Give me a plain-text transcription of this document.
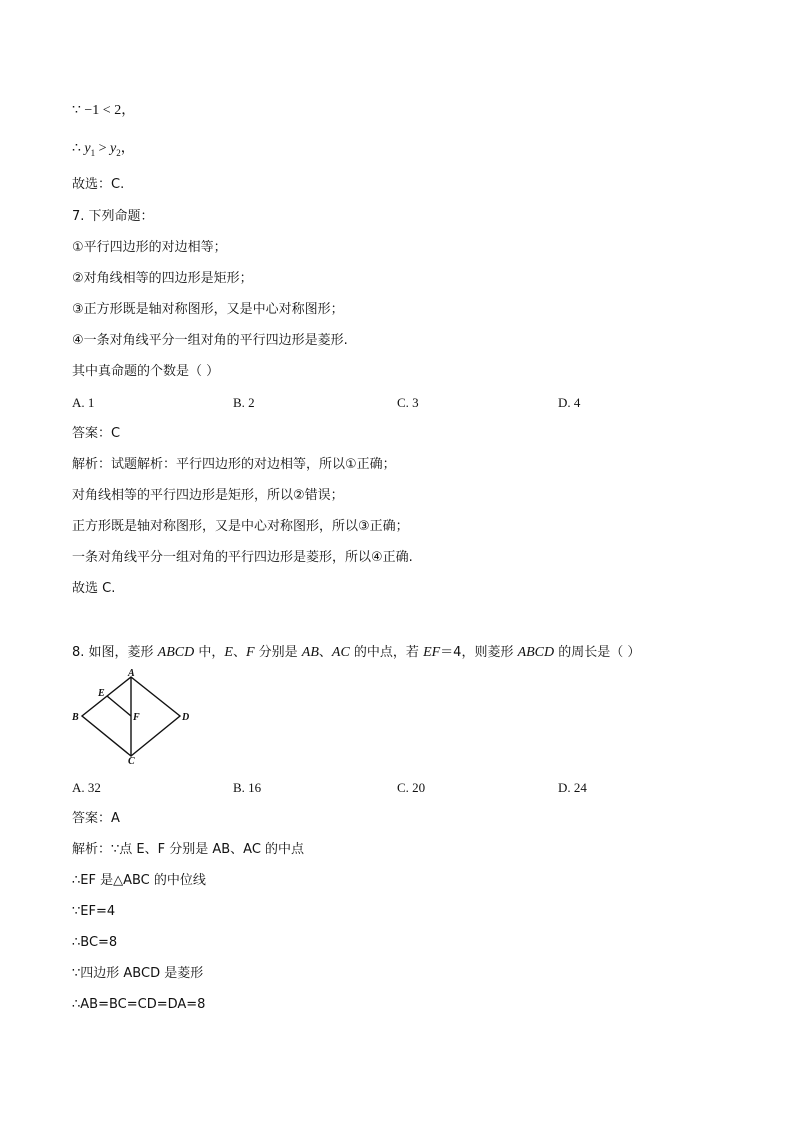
∵ −1 < 2，
∴ $y_1 > y_2$，
故选：C.
7. 下列命题：
①平行四边形的对边相等；
②对角线相等的四边形是矩形；
③正方形既是轴对称图形，又是中心对称图形；
④一条对角线平分一组对角的平行四边形是菱形.
其中真命题的个数是（ ）
A. 1	B. 2	C. 3	D. 4
答案：C
解析：试题解析：平行四边形的对边相等，所以①正确；
对角线相等的平行四边形是矩形，所以②错误；
正方形既是轴对称图形，又是中心对称图形，所以③正确；
一条对角线平分一组对角的平行四边形是菱形，所以④正确.
故选 C.
8. 如图，菱形 ABCD 中，E、F 分别是 AB、AC 的中点，若 EF＝4，则菱形 ABCD 的周长是（ ）
A
B
C
D
E
F
A. 32	B. 16	C. 20	D. 24
答案：A
解析：∵点 E、F 分别是 AB、AC 的中点
∴EF 是△ABC 的中位线
∵EF=4
∴BC=8
∵四边形 ABCD 是菱形
∴AB=BC=CD=DA=8
